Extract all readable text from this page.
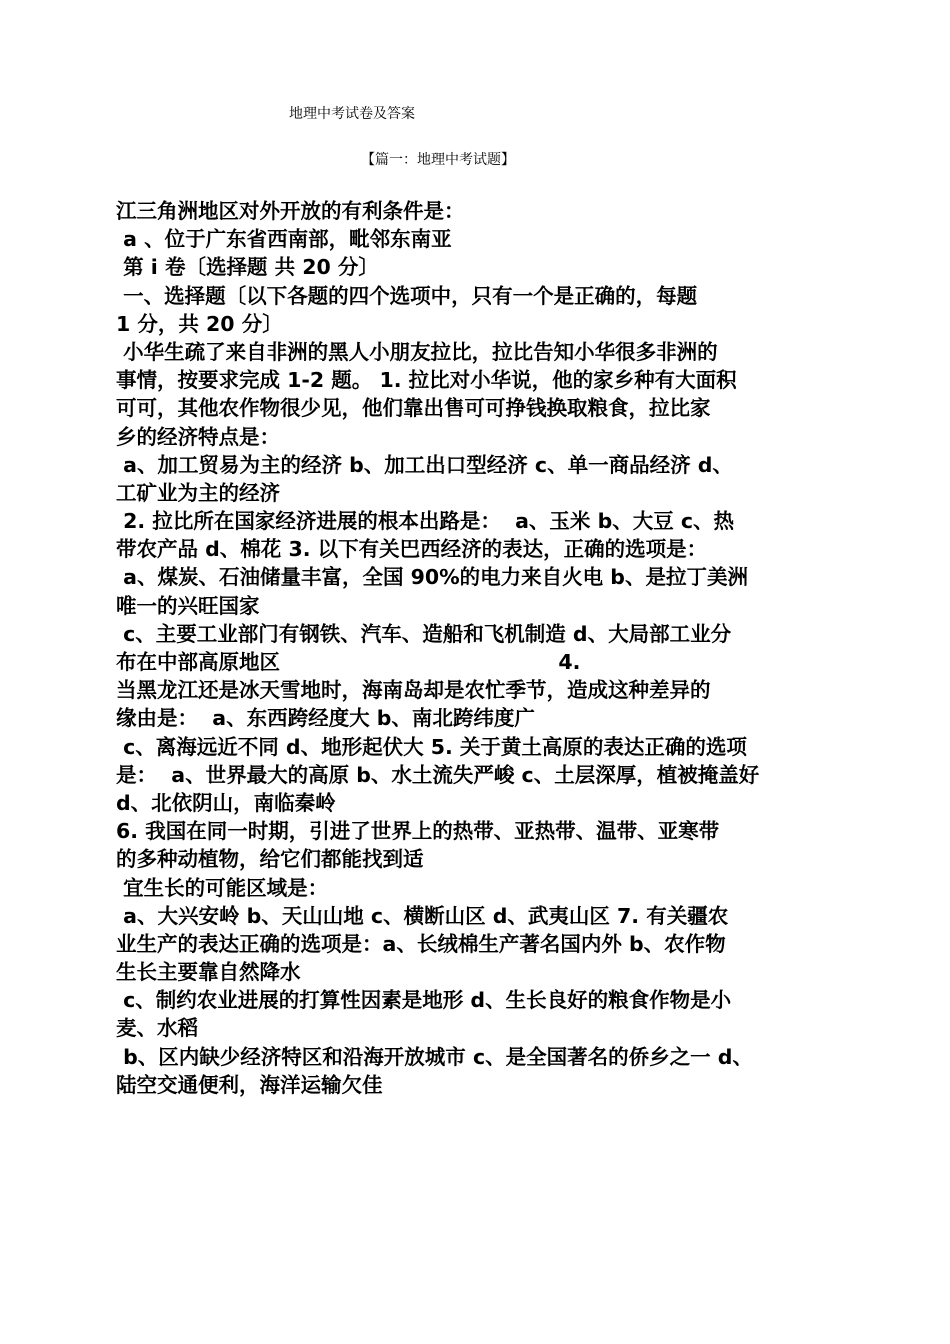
地理中考试卷及答案
【篇一：地理中考试题】
江三角洲地区对外开放的有利条件是：
a 、位于广东省西南部，毗邻东南亚
第 i 卷〔选择题 共 20 分〕
一、选择题〔以下各题的四个选项中，只有一个是正确的，每题
1 分，共 20 分〕
小华生疏了来自非洲的黑人小朋友拉比，拉比告知小华很多非洲的
事情，按要求完成 1-2 题。 1. 拉比对小华说，他的家乡种有大面积
可可，其他农作物很少见，他们靠出售可可挣钱换取粮食，拉比家
乡的经济特点是：
a、加工贸易为主的经济 b、加工出口型经济 c、单一商品经济 d、
工矿业为主的经济
2. 拉比所在国家经济进展的根本出路是：  a、玉米 b、大豆 c、热
带农产品 d、棉花 3. 以下有关巴西经济的表达，正确的选项是：
a、煤炭、石油储量丰富，全国 90%的电力来自火电 b、是拉丁美洲
唯一的兴旺国家
c、主要工业部门有钢铁、汽车、造船和飞机制造 d、大局部工业分
布在中部高原地区                                       4.
当黑龙江还是冰天雪地时，海南岛却是农忙季节，造成这种差异的
缘由是：  a、东西跨经度大 b、南北跨纬度广
c、离海远近不同 d、地形起伏大 5. 关于黄土高原的表达正确的选项
是：  a、世界最大的高原 b、水土流失严峻 c、土层深厚，植被掩盖好
d、北依阴山，南临秦岭
6. 我国在同一时期，引进了世界上的热带、亚热带、温带、亚寒带
的多种动植物，给它们都能找到适
宜生长的可能区域是：
a、大兴安岭 b、天山山地 c、横断山区 d、武夷山区 7. 有关疆农
业生产的表达正确的选项是：a、长绒棉生产著名国内外 b、农作物
生长主要靠自然降水
c、制约农业进展的打算性因素是地形 d、生长良好的粮食作物是小
麦、水稻
b、区内缺少经济特区和沿海开放城市 c、是全国著名的侨乡之一 d、
陆空交通便利，海洋运输欠佳
